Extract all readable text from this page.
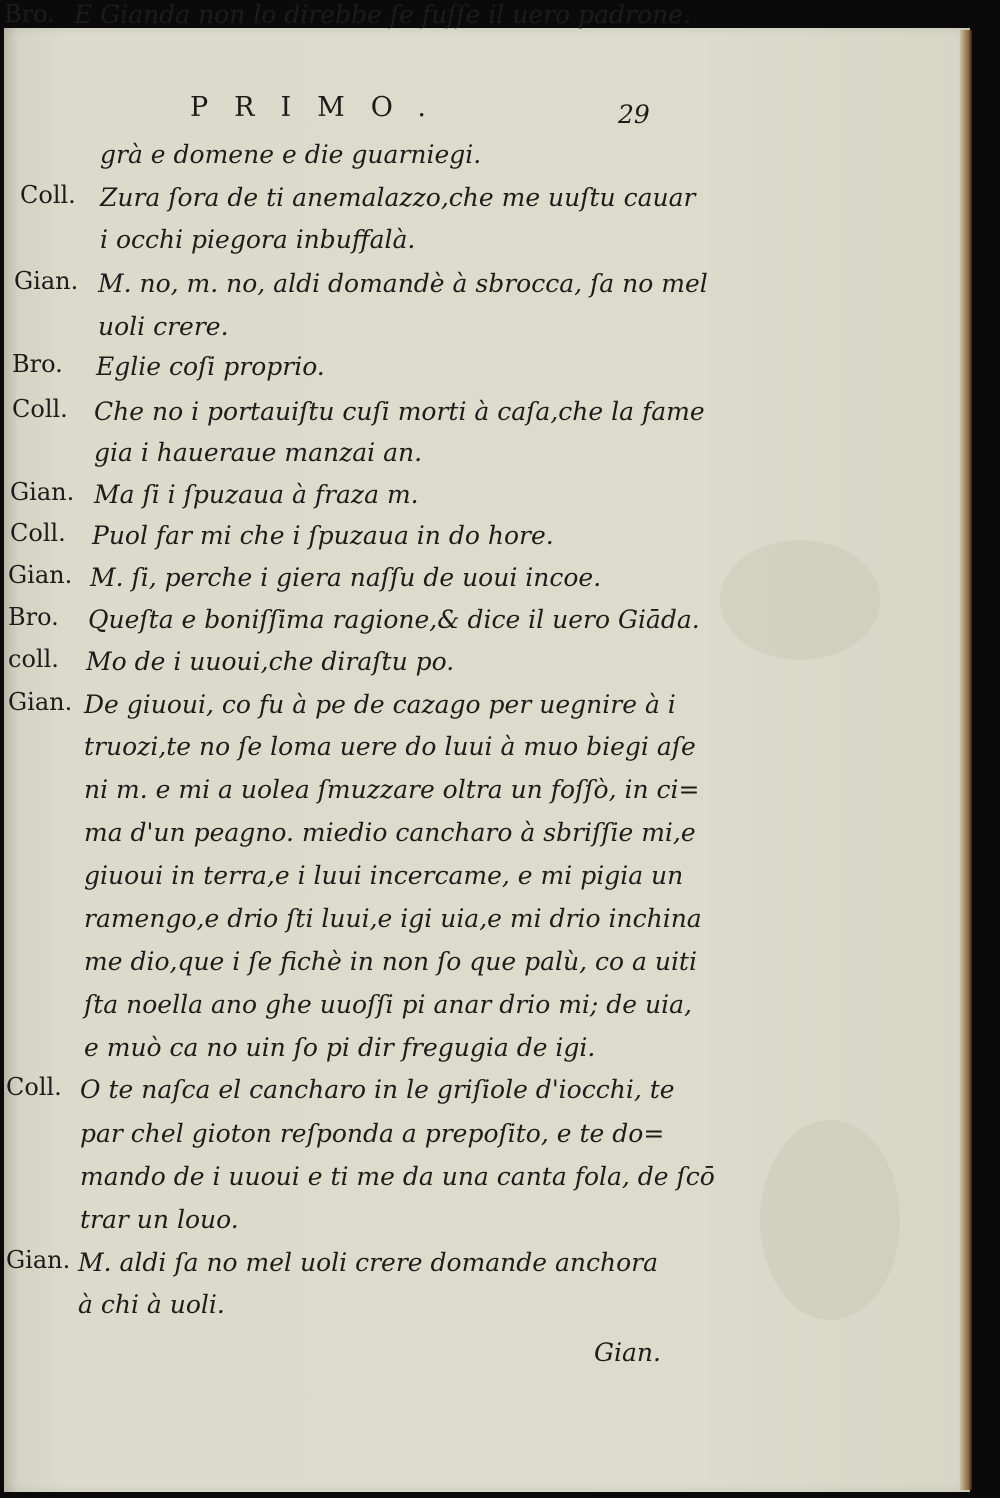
PRIMO.	29
grà e domene e die guarniegi.
Coll. Zura ſora de ti anemalazzo,che me uuſtu cauar
i occhi piegora inbuffalà.
Gian. M. no, m. no, aldi domandè à sbrocca, ſa no mel
uoli crere.
Bro. Eglie coſi proprio.
Coll. Che no i portauiſtu cuſi morti à caſa,che la fame
gia i haueraue manzai an.
Gian. Ma ſi i ſpuzaua à fraza m.
Coll. Puol far mi che i ſpuzaua in do hore.
Gian. M. ſi, perche i giera naſſu de uoui incoe.
Bro. Queſta e boniſſima ragione,& dice il uero Giāda.
coll. Mo de i uuoui,che diraſtu po.
Gian. De giuoui, co fu à pe de cazago per uegnire à i
truozi,te no ſe loma uere do luui à muo biegi aſe
ni m. e mi a uolea ſmuzzare oltra un foſſò, in ci=
ma d'un peagno. miedio cancharo à sbriſſie mi,e
giuoui in terra,e i luui incercame, e mi pigia un
ramengo,e drio ſti luui,e igi uia,e mi drio inchina
me dio,que i ſe fichè in non ſo que palù, co a uiti
ſta noella ano ghe uuoſſi pi anar drio mi; de uia,
e muò ca no uin ſo pi dir fregugia de igi.
Coll. O te naſca el cancharo in le griſiole d'iocchi, te
par chel gioton reſponda a prepoſito, e te do=
mando de i uuoui e ti me da una canta fola, de ſcō
trar un louo.
Gian. M. aldi ſa no mel uoli crere domande anchora
à chi à uoli.
Bro. E Gianda non lo direbbe ſe fuſſe il uero padrone.
Gian.
